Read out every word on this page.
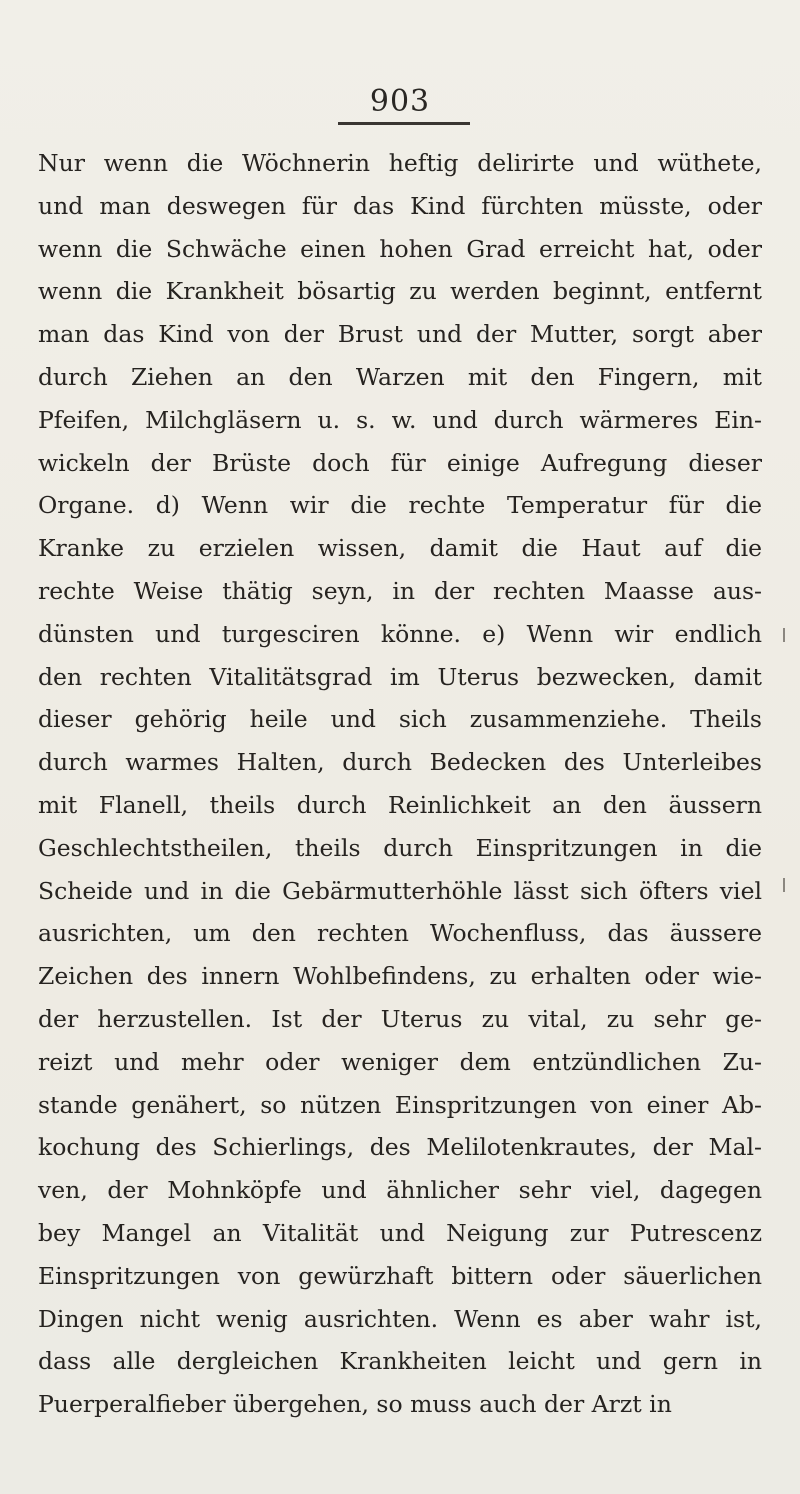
903
Nur wenn die Wöchnerin heftig delirirte und wüthete,
und man deswegen für das Kind fürchten müsste, oder
wenn die Schwäche einen hohen Grad erreicht hat, oder
wenn die Krankheit bösartig zu werden beginnt, entfernt
man das Kind von der Brust und der Mutter, sorgt aber
durch Ziehen an den Warzen mit den Fingern, mit
Pfeifen, Milchgläsern u. s. w. und durch wärmeres Ein-
wickeln der Brüste doch für einige Aufregung dieser
Organe. d) Wenn wir die rechte Temperatur für die
Kranke zu erzielen wissen, damit die Haut auf die
rechte Weise thätig seyn, in der rechten Maasse aus-
dünsten und turgesciren könne. e) Wenn wir endlich
den rechten Vitalitätsgrad im Uterus bezwecken, damit
dieser gehörig heile und sich zusammenziehe. Theils
durch warmes Halten, durch Bedecken des Unterleibes
mit Flanell, theils durch Reinlichkeit an den äussern
Geschlechtstheilen, theils durch Einspritzungen in die
Scheide und in die Gebärmutterhöhle lässt sich öfters viel
ausrichten, um den rechten Wochenfluss, das äussere
Zeichen des innern Wohlbefindens, zu erhalten oder wie-
der herzustellen. Ist der Uterus zu vital, zu sehr ge-
reizt und mehr oder weniger dem entzündlichen Zu-
stande genähert, so nützen Einspritzungen von einer Ab-
kochung des Schierlings, des Melilotenkrautes, der Mal-
ven, der Mohnköpfe und ähnlicher sehr viel, dagegen
bey Mangel an Vitalität und Neigung zur Putrescenz
Einspritzungen von gewürzhaft bittern oder säuerlichen
Dingen nicht wenig ausrichten. Wenn es aber wahr ist,
dass alle dergleichen Krankheiten leicht und gern in
Puerperalfieber übergehen, so muss auch der Arzt in
